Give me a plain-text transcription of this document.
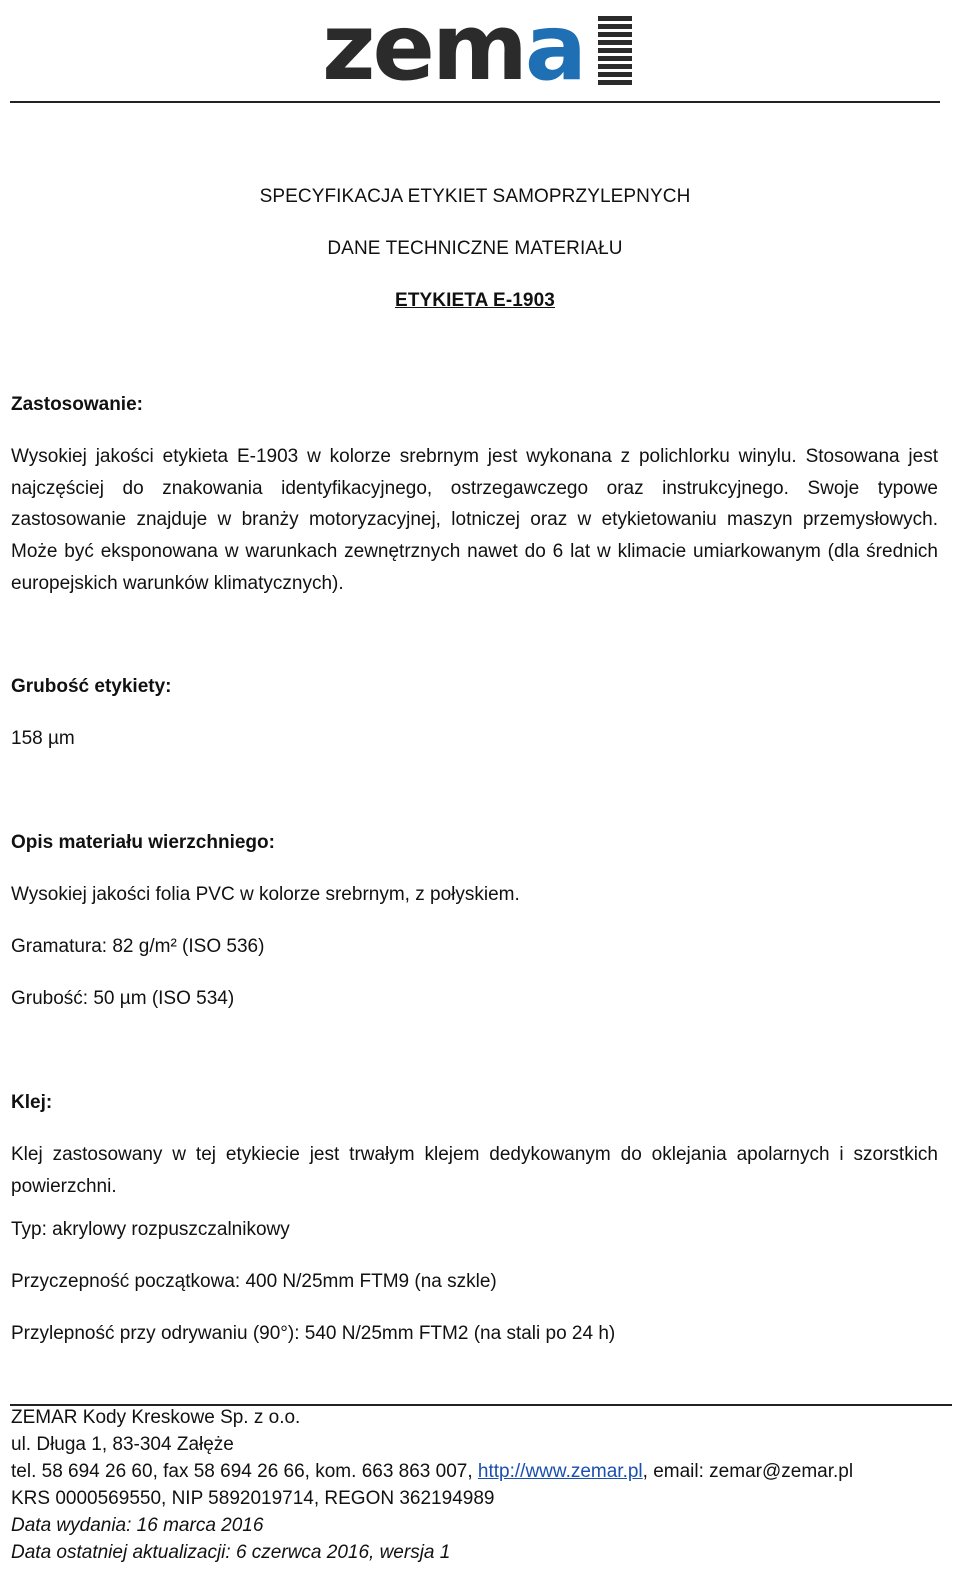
zema
SPECYFIKACJA ETYKIET SAMOPRZYLEPNYCH
DANE TECHNICZNE MATERIAŁU
ETYKIETA E-1903
Zastosowanie:
Wysokiej jakości etykieta E-1903 w kolorze srebrnym jest wykonana z polichlorku winylu. Stosowana jest najczęściej do znakowania identyfikacyjnego, ostrzegawczego oraz instrukcyjnego. Swoje typowe zastosowanie znajduje w branży motoryzacyjnej, lotniczej oraz w etykietowaniu maszyn przemysłowych. Może być eksponowana w warunkach zewnętrznych nawet do 6 lat w klimacie umiarkowanym (dla średnich europejskich warunków klimatycznych).
Grubość etykiety:
158 µm
Opis materiału wierzchniego:
Wysokiej jakości folia PVC w kolorze srebrnym, z połyskiem.
Gramatura: 82 g/m² (ISO 536)
Grubość: 50 µm (ISO 534)
Klej:
Klej zastosowany w tej etykiecie jest trwałym klejem dedykowanym do oklejania apolarnych i szorstkich powierzchni.
Typ: akrylowy rozpuszczalnikowy
Przyczepność początkowa: 400 N/25mm FTM9 (na szkle)
Przylepność przy odrywaniu (90°): 540 N/25mm FTM2 (na stali po 24 h)
ZEMAR Kody Kreskowe Sp. z o.o.
ul. Długa 1, 83-304 Załęże
tel. 58 694 26 60, fax 58 694 26 66, kom. 663 863 007, http://www.zemar.pl, email: zemar@zemar.pl
KRS 0000569550, NIP 5892019714, REGON 362194989
Data wydania: 16 marca 2016
Data ostatniej aktualizacji: 6 czerwca 2016, wersja 1
